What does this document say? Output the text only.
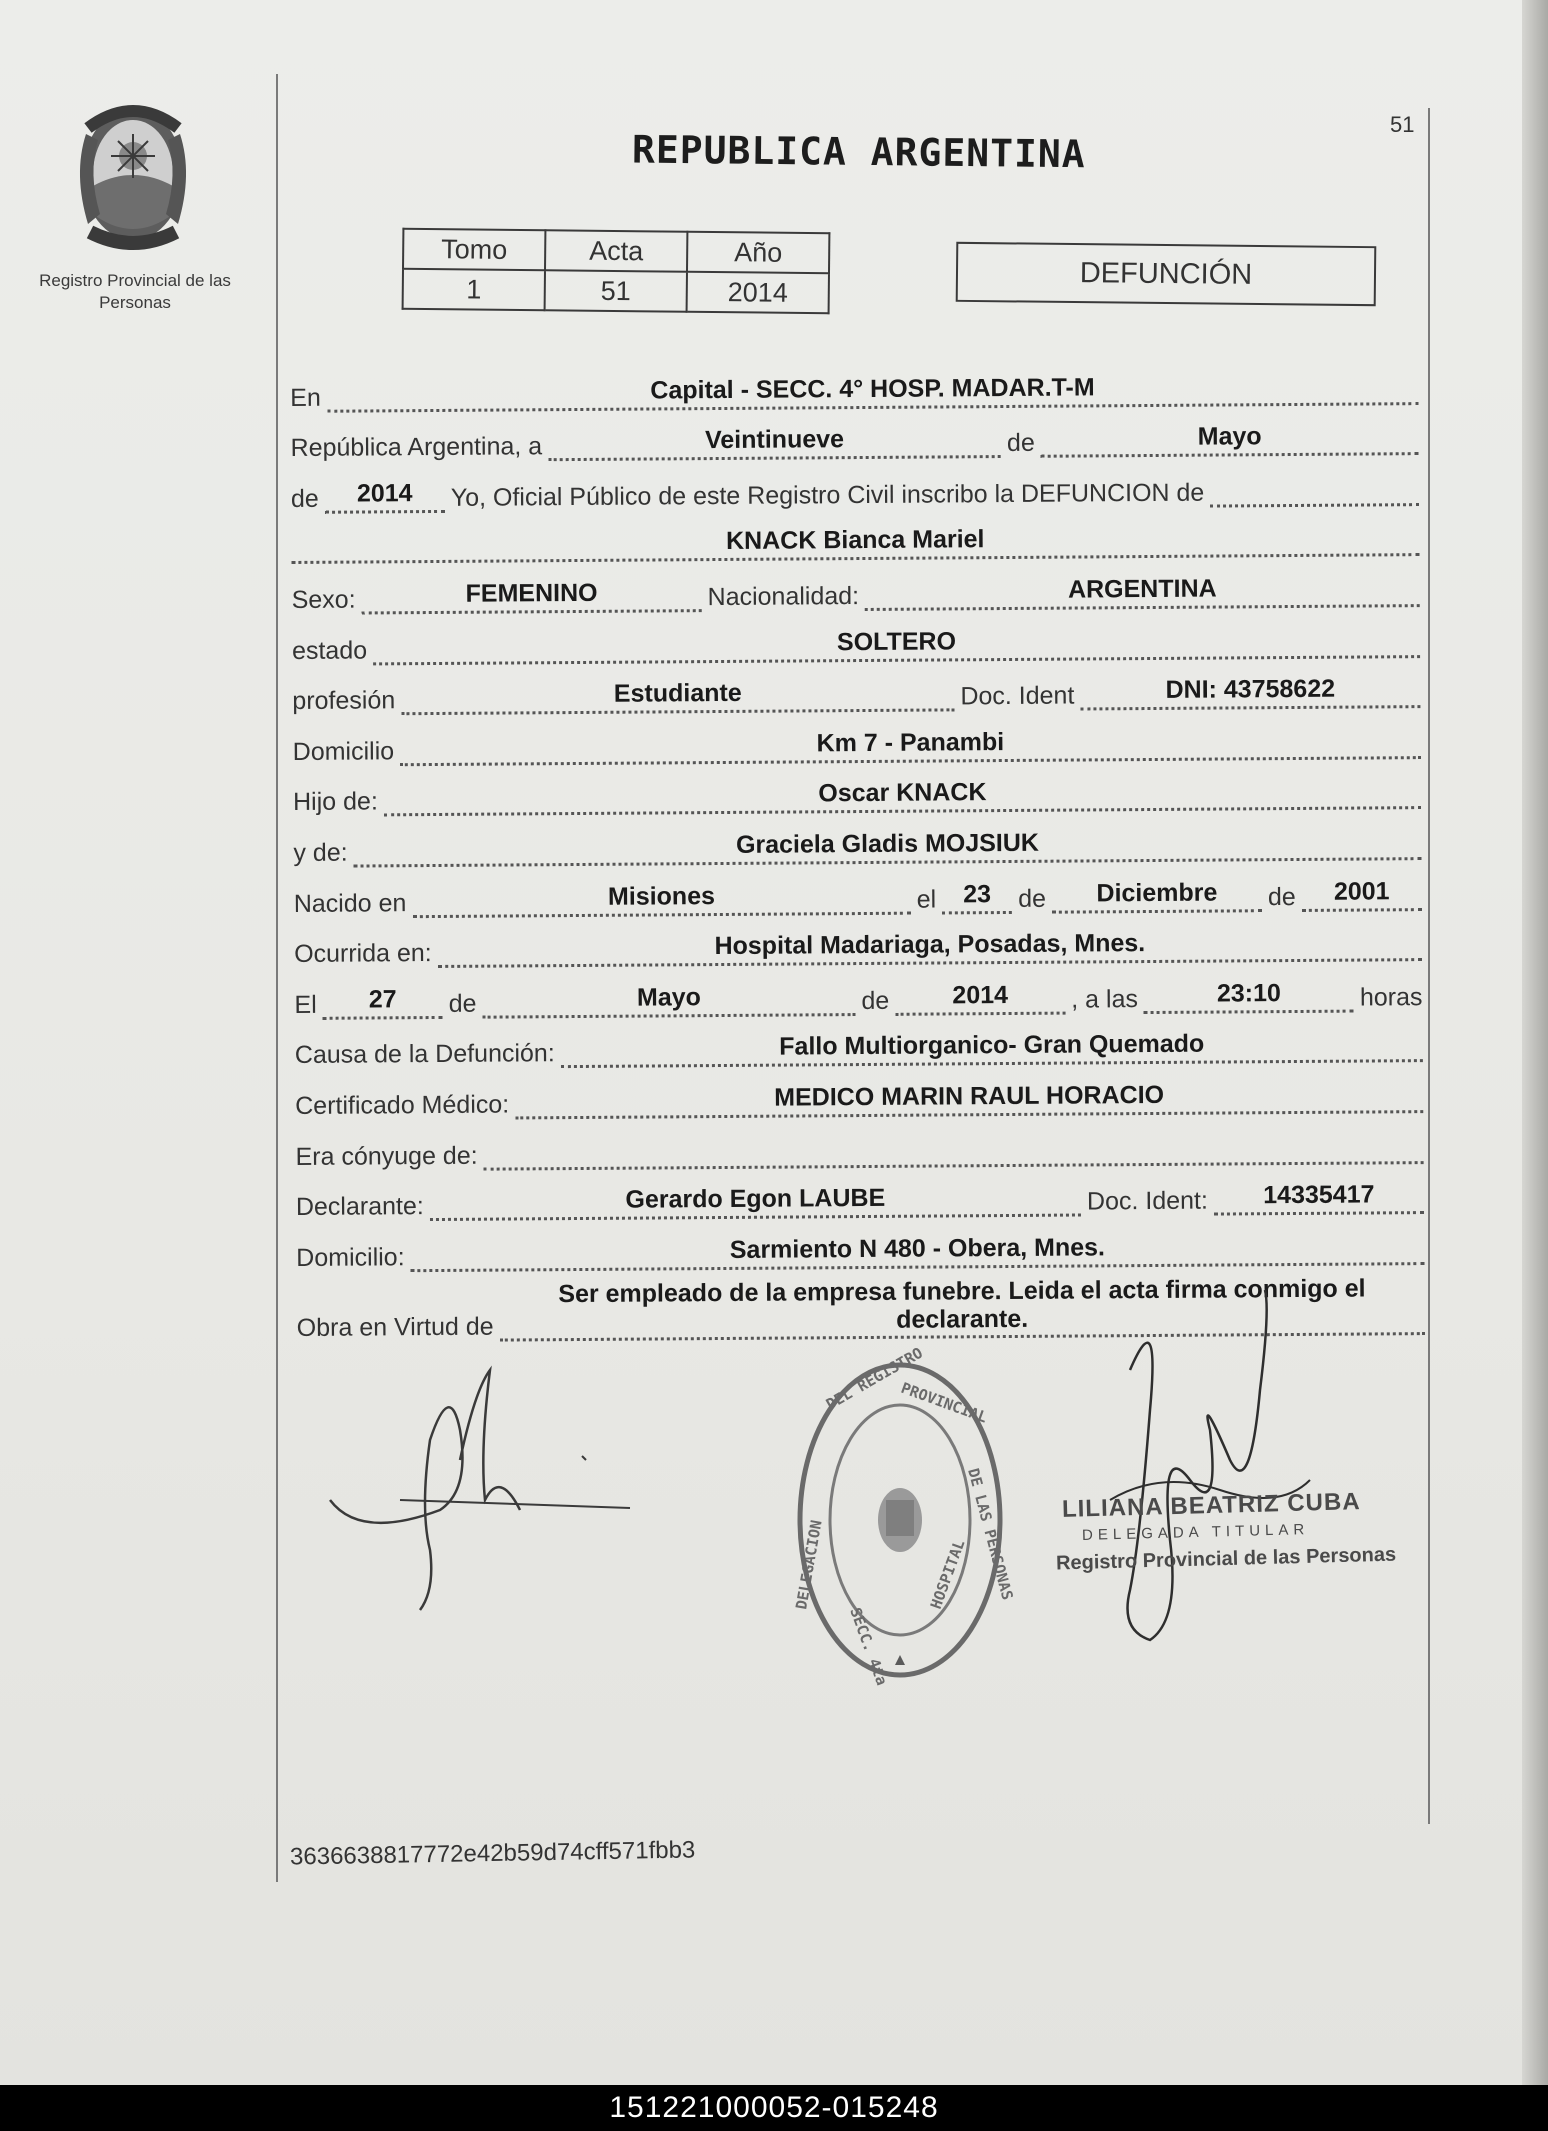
Registro Provincial de las Personas
51
REPUBLICA ARGENTINA
Tomo	Acta	Año
1	51	2014
DEFUNCIÓN
En	Capital - SECC. 4° HOSP. MADAR.T-M
República Argentina, a	Veintinueve	de	Mayo
de	2014	Yo, Oficial Público de este Registro Civil inscribo la DEFUNCION de
KNACK Bianca Mariel
Sexo:	FEMENINO	Nacionalidad:	ARGENTINA
estado	SOLTERO
profesión	Estudiante	Doc. Ident	DNI: 43758622
Domicilio	Km 7 - Panambi
Hijo de:	Oscar KNACK
y de:	Graciela Gladis MOJSIUK
Nacido en	Misiones	el	23	de	Diciembre	de	2001
Ocurrida en:	Hospital Madariaga, Posadas, Mnes.
El	27	de	Mayo	de	2014	, a las	23:10	horas
Causa de la Defunción:	Fallo Multiorganico- Gran Quemado
Certificado Médico:	MEDICO MARIN RAUL HORACIO
Era cónyuge de:
Declarante:	Gerardo Egon LAUBE	Doc. Ident:	14335417
Domicilio:	Sarmiento N 480 - Obera, Mnes.
Obra en Virtud de
Ser empleado de la empresa funebre. Leida el acta firma conmigo el declarante.
DEL REGISTRO
PROVINCIAL
DE LAS PERSONAS
DELEGACION
SECC. 4ta
HOSPITAL
LILIANA BEATRIZ CUBA
DELEGADA TITULAR
Registro Provincial de las Personas
3636638817772e42b59d74cff571fbb3
151221000052-015248
